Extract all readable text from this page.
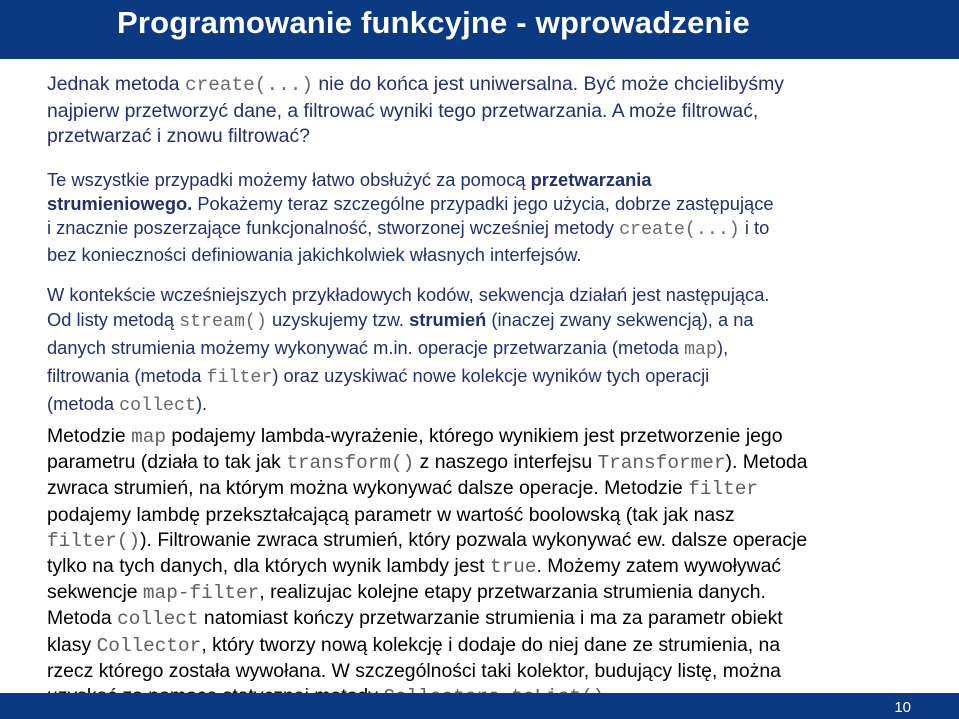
Programowanie funkcyjne - wprowadzenie

Jednak metoda create(...) nie do końca jest uniwersalna. Być może chcielibyśmy
najpierw przetworzyć dane, a filtrować wyniki tego przetwarzania. A może filtrować,
przetwarzać i znowu filtrować?

Te wszystkie przypadki możemy łatwo obsłużyć za pomocą przetwarzania
strumieniowego. Pokażemy teraz szczególne przypadki jego użycia, dobrze zastępujące
i znacznie poszerzające funkcjonalność, stworzonej wcześniej metody create(...) i to
bez konieczności definiowania jakichkolwiek własnych interfejsów.

W kontekście wcześniejszych przykładowych kodów, sekwencja działań jest następująca.
Od listy metodą stream() uzyskujemy tzw. strumień (inaczej zwany sekwencją), a na
danych strumienia możemy wykonywać m.in. operacje przetwarzania (metoda map),
filtrowania (metoda filter) oraz uzyskiwać nowe kolekcje wyników tych operacji
(metoda collect).

Metodzie map podajemy lambda-wyrażenie, którego wynikiem jest przetworzenie jego
parametru (działa to tak jak transform() z naszego interfejsu Transformer). Metoda
zwraca strumień, na którym można wykonywać dalsze operacje. Metodzie filter
podajemy lambdę przekształcającą parametr w wartość boolowską (tak jak nasz
filter()). Filtrowanie zwraca strumień, który pozwala wykonywać ew. dalsze operacje
tylko na tych danych, dla których wynik lambdy jest true. Możemy zatem wywoływać
sekwencje map-filter, realizujac kolejne etapy przetwarzania strumienia danych.
Metoda collect natomiast kończy przetwarzanie strumienia i ma za parametr obiekt
klasy Collector, który tworzy nową kolekcję i dodaje do niej dane ze strumienia, na
rzecz którego została wywołana. W szczególności taki kolektor, budujący listę, można

10
